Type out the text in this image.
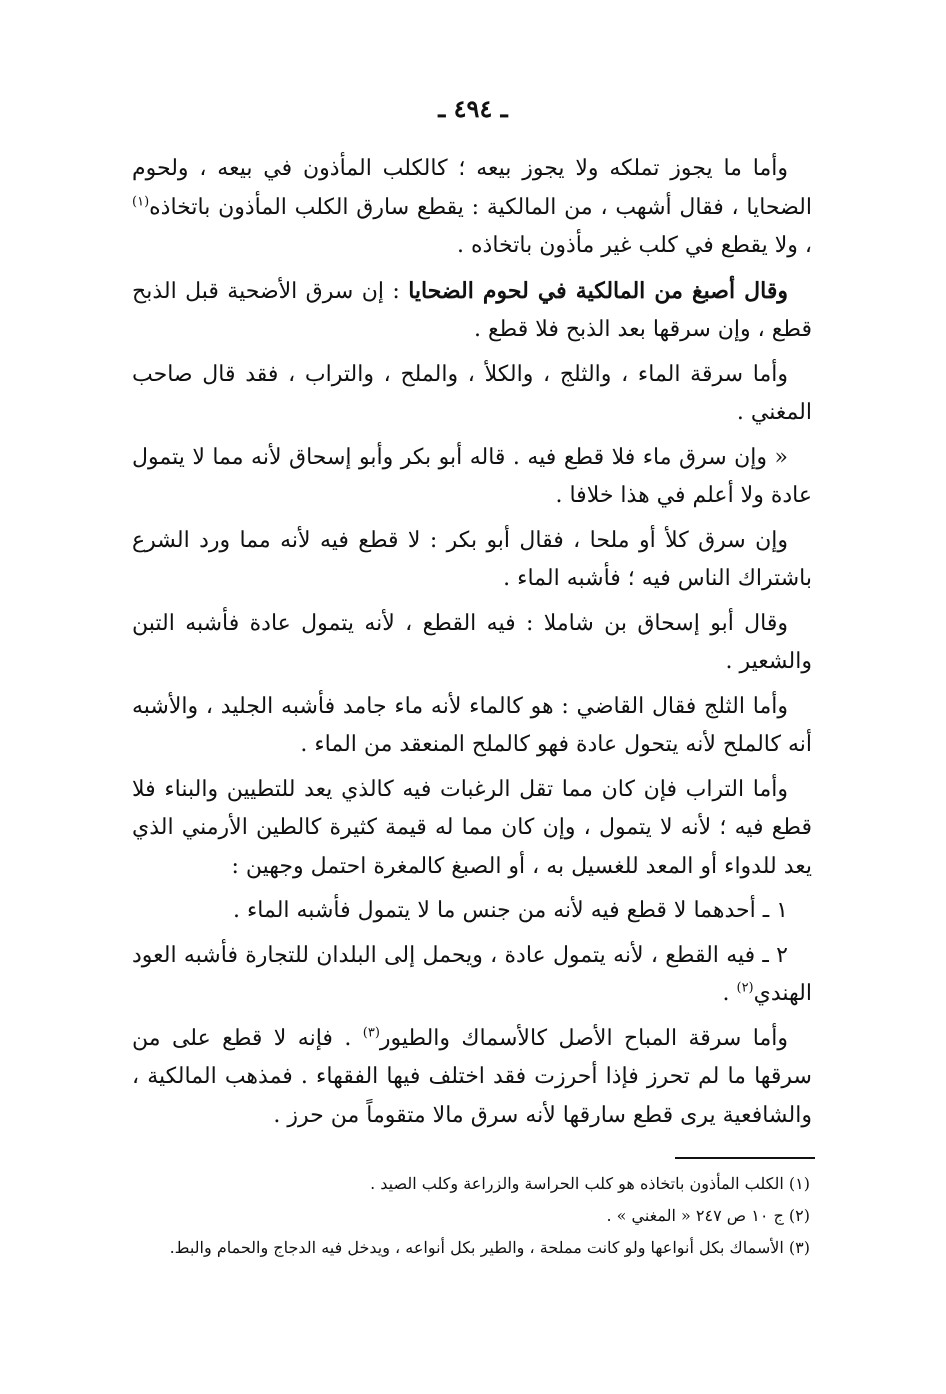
ـ ٤٩٤ ـ

وأما ما يجوز تملكه ولا يجوز بيعه ؛ كالكلب المأذون في بيعه ، ولحوم الضحايا ، فقال أشهب ، من المالكية : يقطع سارق الكلب المأذون باتخاذه$^{(١)}$ ، ولا يقطع في كلب غير مأذون باتخاذه .

وقال أصبغ من المالكية في لحوم الضحايا : إن سرق الأضحية قبل الذبح قطع ، وإن سرقها بعد الذبح فلا قطع .

وأما سرقة الماء ، والثلج ، والكلأ ، والملح ، والتراب ، فقد قال صاحب المغني .

« وإن سرق ماء فلا قطع فيه . قاله أبو بكر وأبو إسحاق لأنه مما لا يتمول عادة ولا أعلم في هذا خلافا .

وإن سرق كلأ أو ملحا ، فقال أبو بكر : لا قطع فيه لأنه مما ورد الشرع باشتراك الناس فيه ؛ فأشبه الماء .

وقال أبو إسحاق بن شاملا : فيه القطع ، لأنه يتمول عادة فأشبه التبن والشعير .

وأما الثلج فقال القاضي : هو كالماء لأنه ماء جامد فأشبه الجليد ، والأشبه أنه كالملح لأنه يتحول عادة فهو كالملح المنعقد من الماء .

وأما التراب فإن كان مما تقل الرغبات فيه كالذي يعد للتطيين والبناء فلا قطع فيه ؛ لأنه لا يتمول ، وإن كان مما له قيمة كثيرة كالطين الأرمني الذي يعد للدواء أو المعد للغسيل به ، أو الصبغ كالمغرة احتمل وجهين :

١ ـ أحدهما لا قطع فيه لأنه من جنس ما لا يتمول فأشبه الماء .

٢ ـ فيه القطع ، لأنه يتمول عادة ، ويحمل إلى البلدان للتجارة فأشبه العود الهندي$^{(٢)}$ .

وأما سرقة المباح الأصل كالأسماك والطيور$^{(٣)}$ . فإنه لا قطع على من سرقها ما لم تحرز فإذا أحرزت فقد اختلف فيها الفقهاء . فمذهب المالكية ، والشافعية يرى قطع سارقها لأنه سرق مالا متقوماً من حرز .

(١) الكلب المأذون باتخاذه هو كلب الحراسة والزراعة وكلب الصيد .

(٢) ج ١٠ ص ٢٤٧ « المغني » .

(٣) الأسماك بكل أنواعها ولو كانت مملحة ، والطير بكل أنواعه ، ويدخل فيه الدجاج والحمام والبط.
